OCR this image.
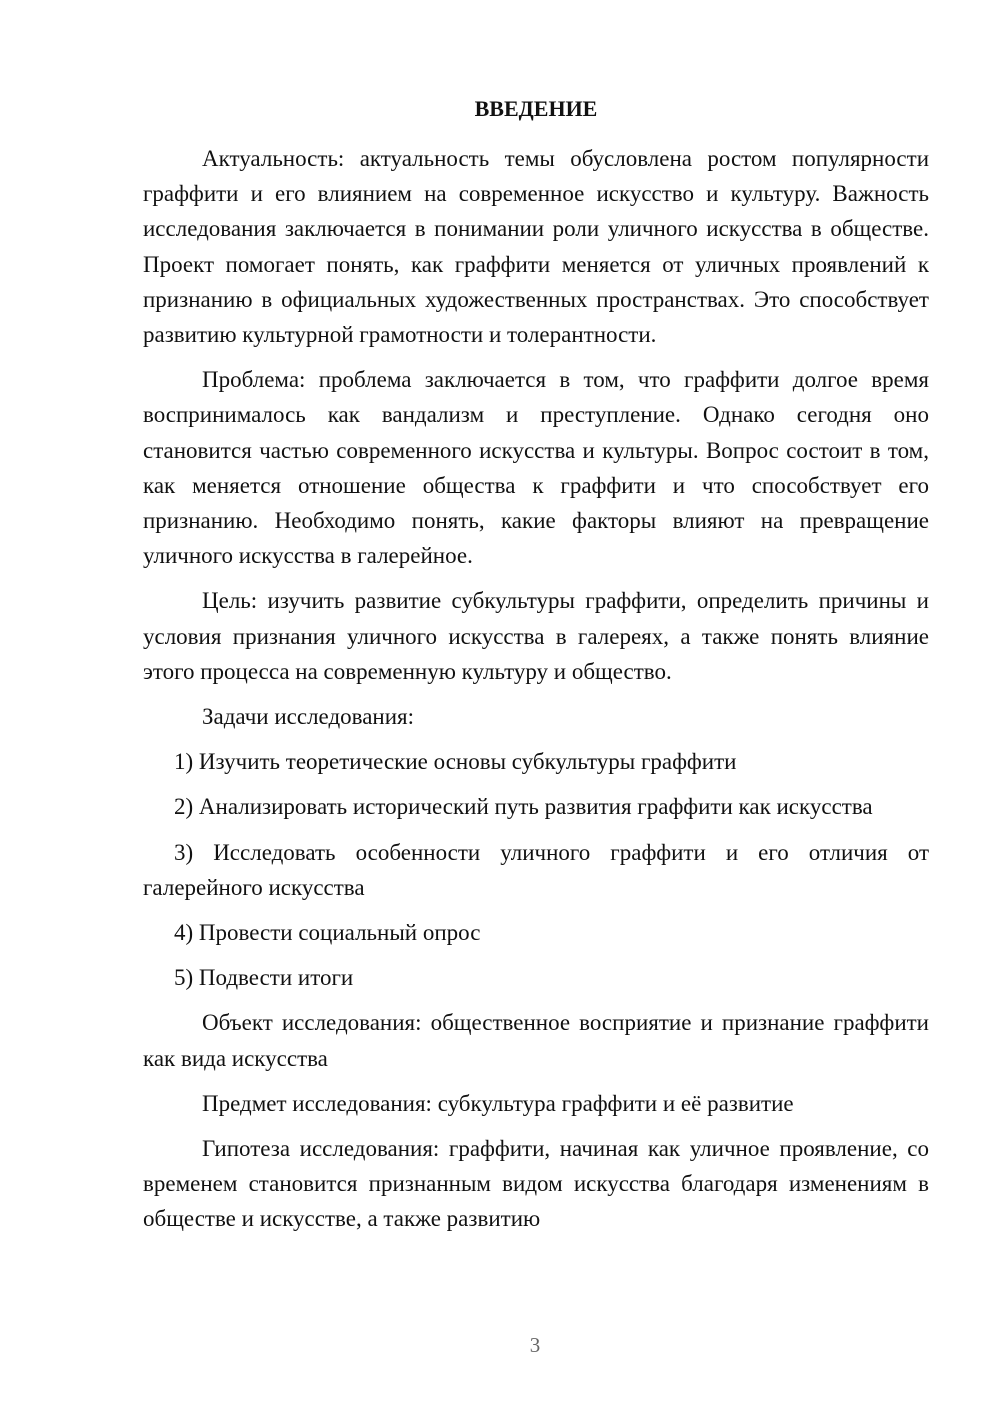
ВВЕДЕНИЕ

Актуальность: актуальность темы обусловлена ростом популярности граффити и его влиянием на современное искусство и культуру. Важность исследования заключается в понимании роли уличного искусства в обществе. Проект помогает понять, как граффити меняется от уличных проявлений к признанию в официальных художественных пространствах. Это способствует развитию культурной грамотности и толерантности.

Проблема: проблема заключается в том, что граффити долгое время воспринималось как вандализм и преступление. Однако сегодня оно становится частью современного искусства и культуры. Вопрос состоит в том, как меняется отношение общества к граффити и что способствует его признанию. Необходимо понять, какие факторы влияют на превращение уличного искусства в галерейное.

Цель: изучить развитие субкультуры граффити, определить причины и условия признания уличного искусства в галереях, а также понять влияние этого процесса на современную культуру и общество.

Задачи исследования:

1) Изучить теоретические основы субкультуры граффити

2) Анализировать исторический путь развития граффити как искусства

3) Исследовать особенности уличного граффити и его отличия от галерейного искусства

4) Провести социальный опрос

5) Подвести итоги

Объект исследования: общественное восприятие и признание граффити как вида искусства

Предмет исследования: субкультура граффити и её развитие

Гипотеза исследования: граффити, начиная как уличное проявление, со временем становится признанным видом искусства благодаря изменениям в обществе и искусстве, а также развитию

3
